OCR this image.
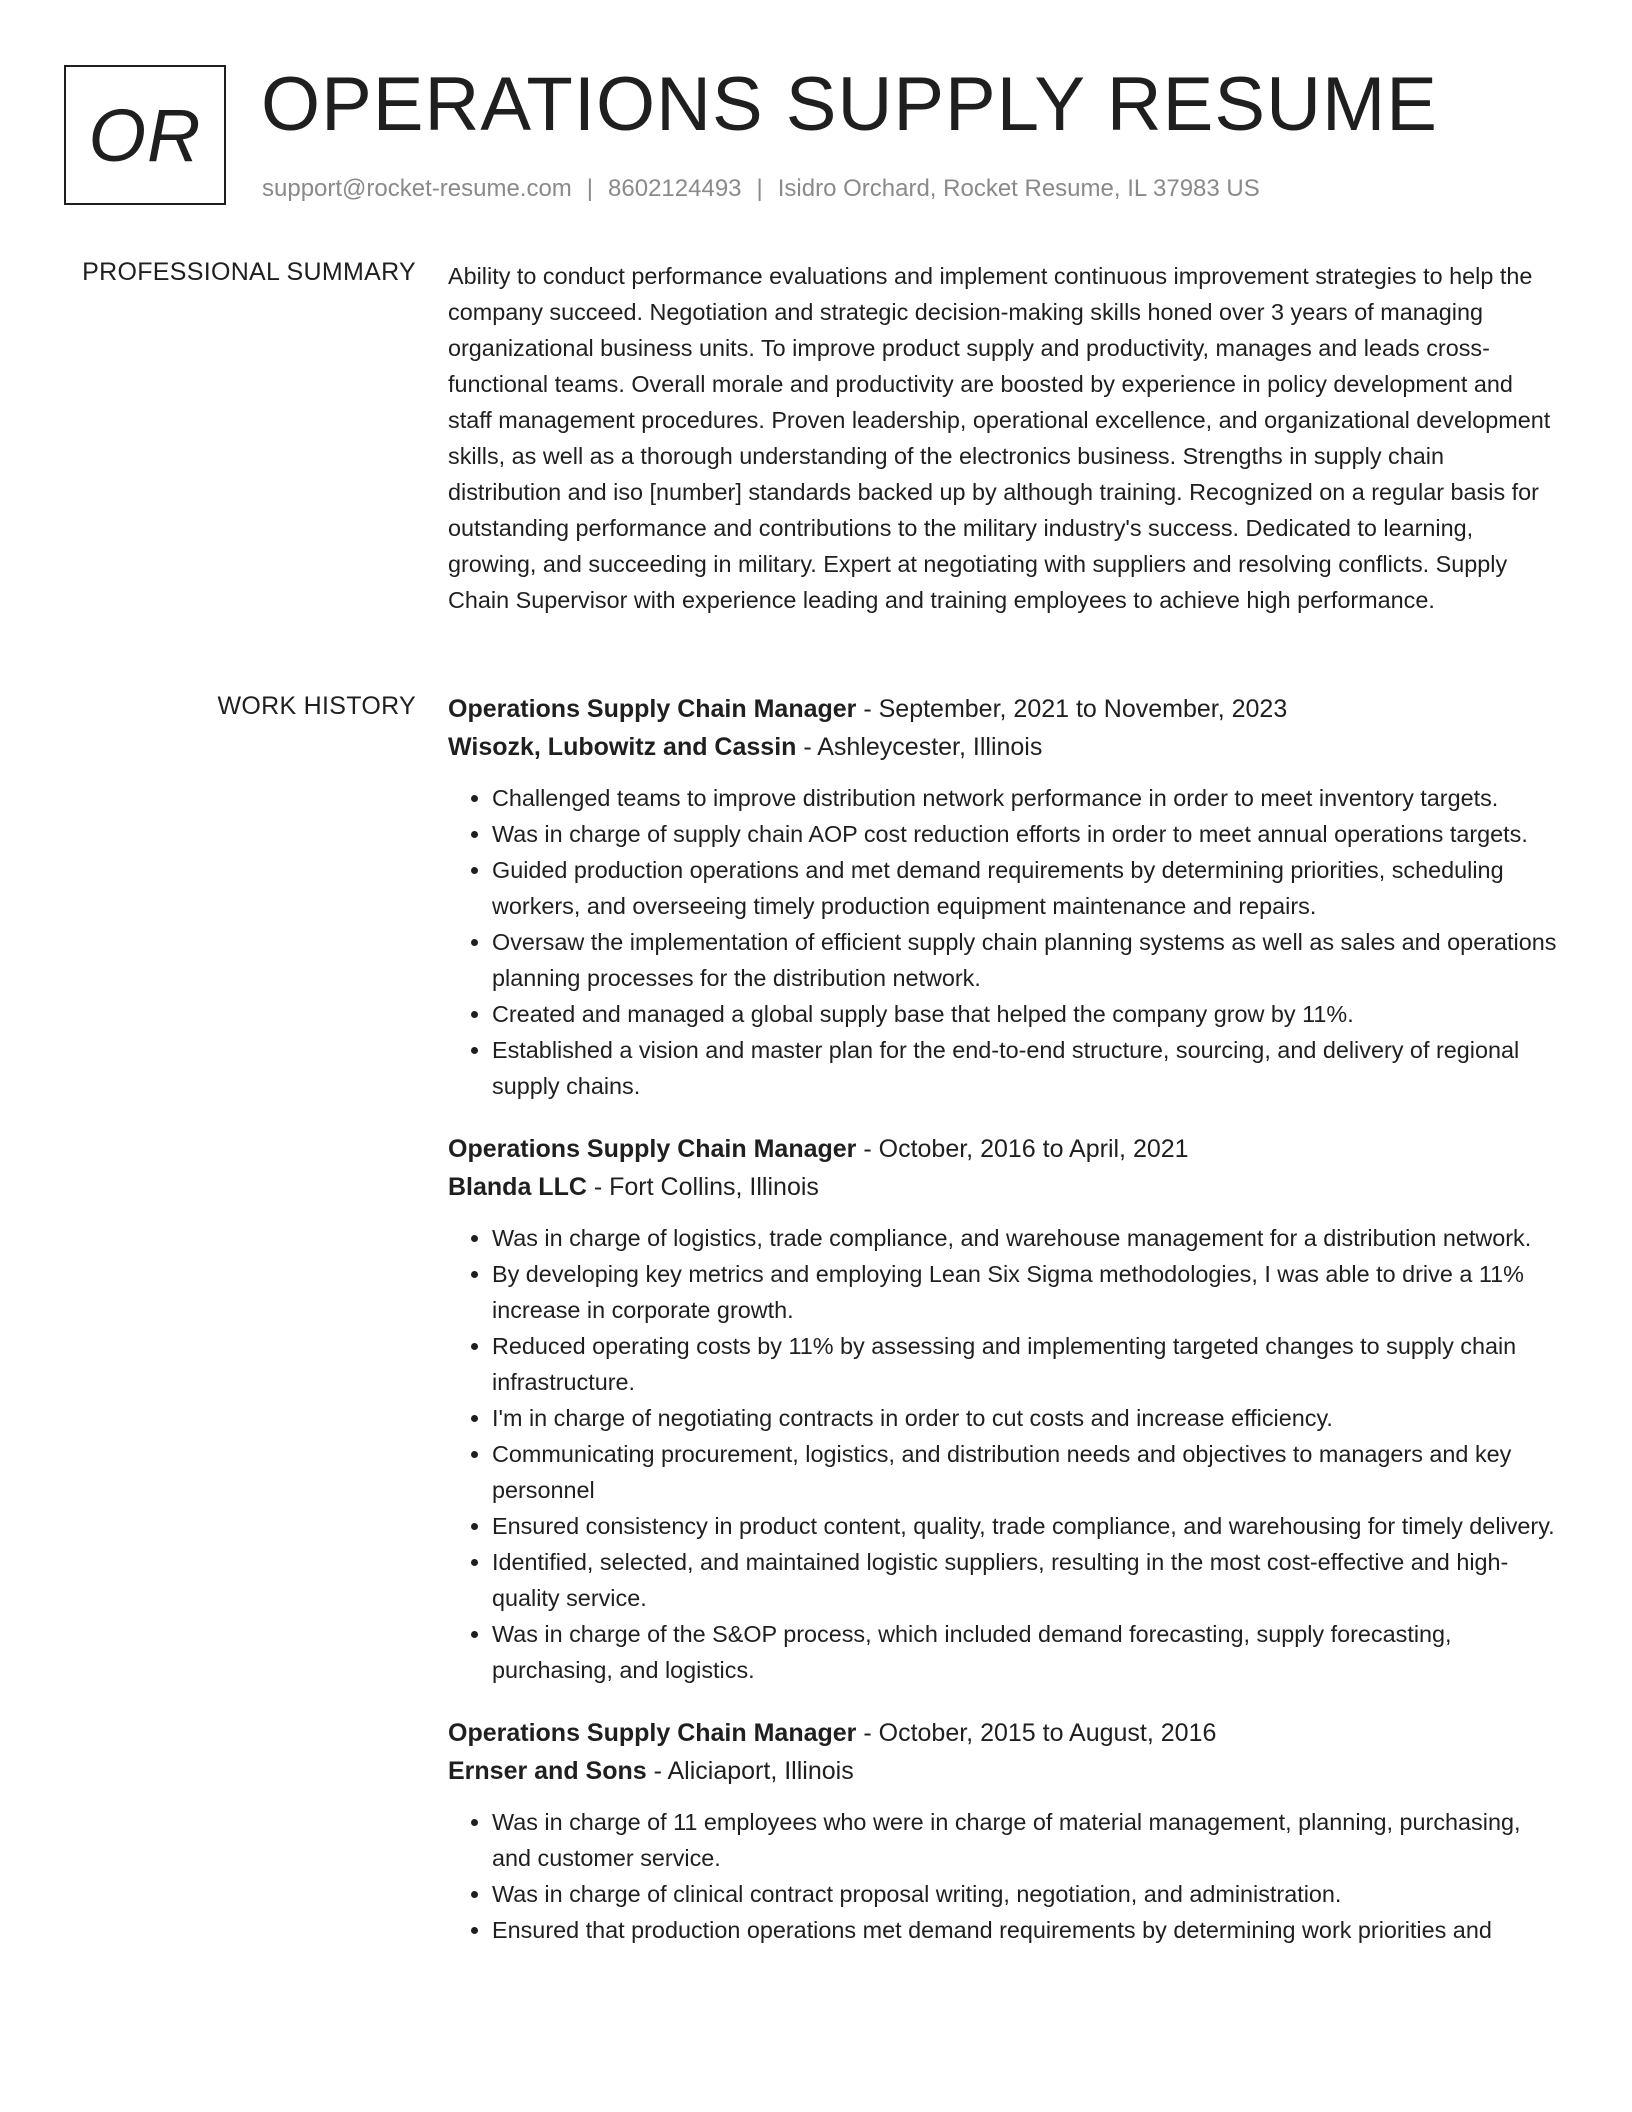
OR OPERATIONS SUPPLY RESUME
support@rocket-resume.com | 8602124493 | Isidro Orchard, Rocket Resume, IL 37983 US
PROFESSIONAL SUMMARY Ability to conduct performance evaluations and implement continuous improvement strategies to help the company succeed. Negotiation and strategic decision-making skills honed over 3 years of managing organizational business units. To improve product supply and productivity, manages and leads cross-functional teams. Overall morale and productivity are boosted by experience in policy development and staff management procedures. Proven leadership, operational excellence, and organizational development skills, as well as a thorough understanding of the electronics business. Strengths in supply chain distribution and iso [number] standards backed up by although training. Recognized on a regular basis for outstanding performance and contributions to the military industry's success. Dedicated to learning, growing, and succeeding in military. Expert at negotiating with suppliers and resolving conflicts. Supply Chain Supervisor with experience leading and training employees to achieve high performance.

WORK HISTORY Operations Supply Chain Manager - September, 2021 to November, 2023
Wisozk, Lubowitz and Cassin - Ashleycester, Illinois
• Challenged teams to improve distribution network performance in order to meet inventory targets.
• Was in charge of supply chain AOP cost reduction efforts in order to meet annual operations targets.
• Guided production operations and met demand requirements by determining priorities, scheduling workers, and overseeing timely production equipment maintenance and repairs.
• Oversaw the implementation of efficient supply chain planning systems as well as sales and operations planning processes for the distribution network.
• Created and managed a global supply base that helped the company grow by 11%.
• Established a vision and master plan for the end-to-end structure, sourcing, and delivery of regional supply chains.
Operations Supply Chain Manager - October, 2016 to April, 2021
Blanda LLC - Fort Collins, Illinois
• Was in charge of logistics, trade compliance, and warehouse management for a distribution network.
• By developing key metrics and employing Lean Six Sigma methodologies, I was able to drive a 11% increase in corporate growth.
• Reduced operating costs by 11% by assessing and implementing targeted changes to supply chain infrastructure.
• I'm in charge of negotiating contracts in order to cut costs and increase efficiency.
• Communicating procurement, logistics, and distribution needs and objectives to managers and key personnel
• Ensured consistency in product content, quality, trade compliance, and warehousing for timely delivery.
• Identified, selected, and maintained logistic suppliers, resulting in the most cost-effective and high-quality service.
• Was in charge of the S&OP process, which included demand forecasting, supply forecasting, purchasing, and logistics.
Operations Supply Chain Manager - October, 2015 to August, 2016
Ernser and Sons - Aliciaport, Illinois
• Was in charge of 11 employees who were in charge of material management, planning, purchasing, and customer service.
• Was in charge of clinical contract proposal writing, negotiation, and administration.
• Ensured that production operations met demand requirements by determining work priorities and
